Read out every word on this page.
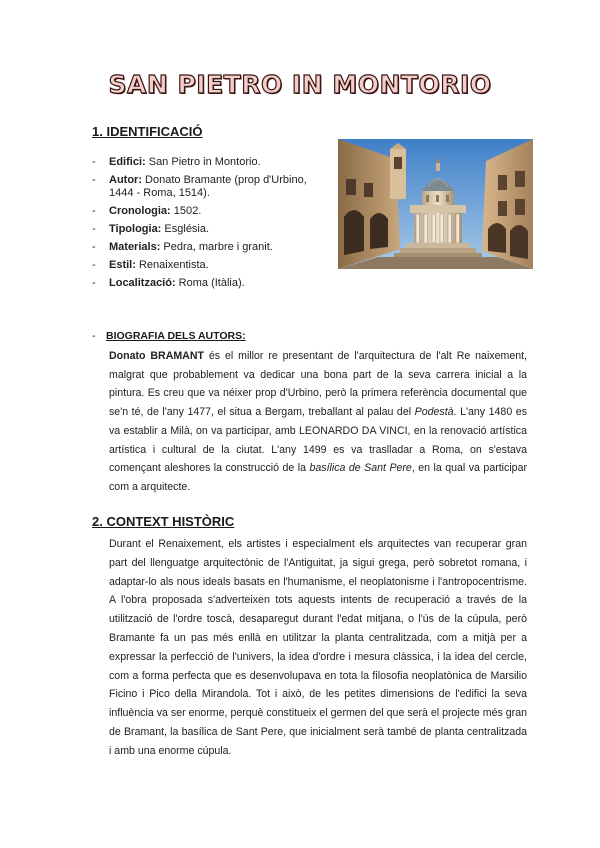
SAN PIETRO IN MONTORIO
1. IDENTIFICACIÓ
- Edifici: San Pietro in Montorio.
- Autor: Donato Bramante (prop d'Urbino, 1444 - Roma, 1514).
- Cronologia: 1502.
- Tipologia: Església.
- Materials: Pedra, marbre i granit.
- Estil: Renaixentista.
- Localització: Roma (Itàlia).
- BIOGRAFIA DELS AUTORS:
Donato BRAMANT és el millor re presentant de l'arquitectura de l'alt Re naixement, malgrat que probablement va dedicar una bona part de la seva carrera inicial a la pintura. Es creu que va néixer prop d'Urbino, però la primera referència documental que se'n té, de l'any 1477, el situa a Bergam, treballant al palau del Podestà. L'any 1480 es va establir a Milà, on va participar, amb LEONARDO DA VINCI, en la renovació artística artística i cultural de la ciutat. L'any 1499 es va traslladar a Roma, on s'estava començant aleshores la construcció de la basílica de Sant Pere, en la qual va participar com a arquitecte.
2. CONTEXT HISTÒRIC
Durant el Renaixement, els artistes i especialment els arquitectes van recuperar gran part del llenguatge arquitectònic de l'Antiguitat, ja sigui grega, però sobretot romana, i adaptar-lo als nous ideals basats en l'humanisme, el neoplatonisme i l'antropocentrisme. A l'obra proposada s'adverteixen tots aquests intents de recuperació a través de la utilització de l'ordre toscà, desaparegut durant l'edat mitjana, o l'ús de la cúpula, però Bramante fa un pas més enllà en utilitzar la planta centralitzada, com a mitjà per a expressar la perfecció de l'univers, la idea d'ordre i mesura clàssica, i la idea del cercle, com a forma perfecta que es desenvolupava en tota la filosofia neoplatònica de Marsilio Ficino i Pico della Mirandola. Tot i això, de les petites dimensions de l'edifici la seva influència va ser enorme, perquè constitueix el germen del que serà el projecte més gran de Bramant, la basílica de Sant Pere, que inicialment serà també de planta centralitzada i amb una enorme cúpula.
